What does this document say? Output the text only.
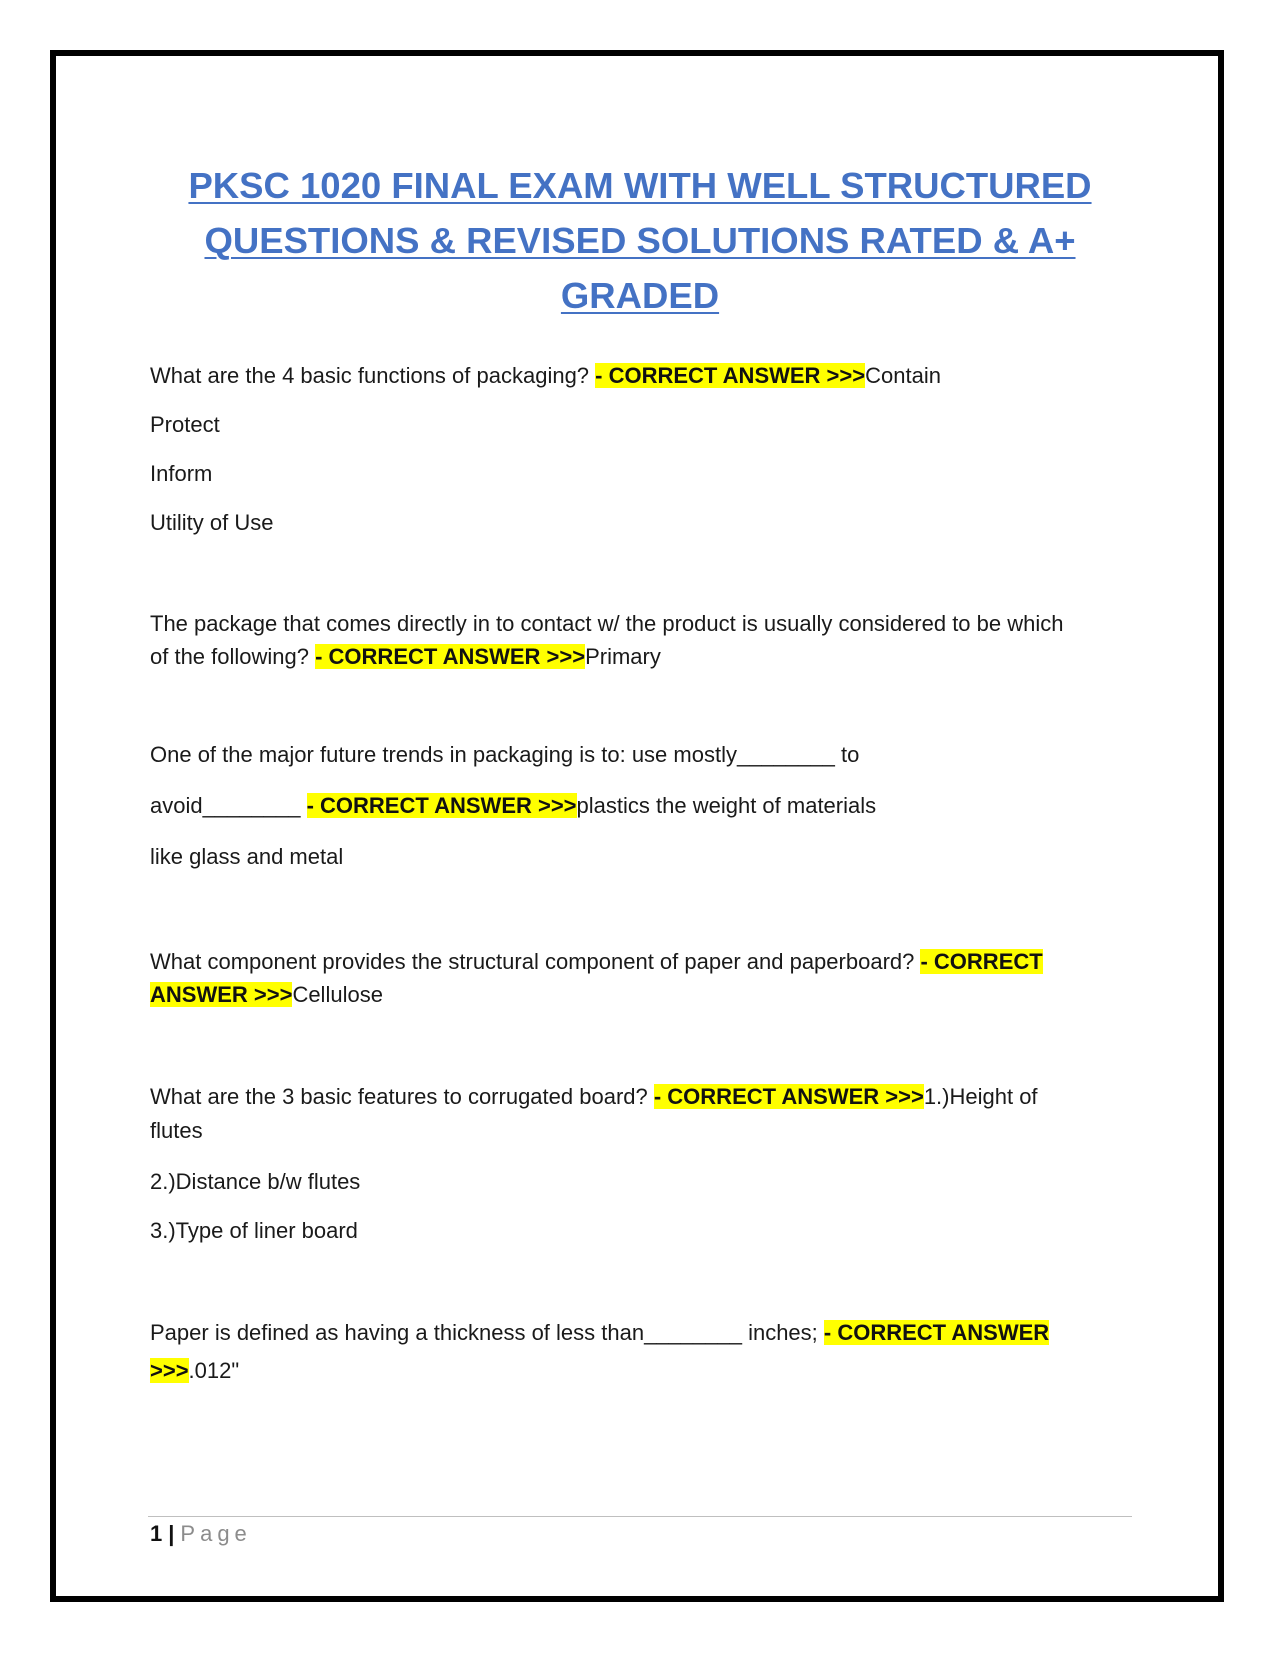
PKSC 1020 FINAL EXAM WITH WELL STRUCTURED
QUESTIONS & REVISED SOLUTIONS RATED & A+
GRADED
What are the 4 basic functions of packaging? - CORRECT ANSWER >>>Contain
Protect
Inform
Utility of Use
The package that comes directly in to contact w/ the product is usually considered to be which
of the following? - CORRECT ANSWER >>>Primary
One of the major future trends in packaging is to: use mostly________ to
avoid________ - CORRECT ANSWER >>>plastics the weight of materials
like glass and metal
What component provides the structural component of paper and paperboard? - CORRECT
ANSWER >>>Cellulose
What are the 3 basic features to corrugated board? - CORRECT ANSWER >>>1.)Height of
flutes
2.)Distance b/w flutes
3.)Type of liner board
Paper is defined as having a thickness of less than________ inches; - CORRECT ANSWER
>>>.012"
1 | Page
